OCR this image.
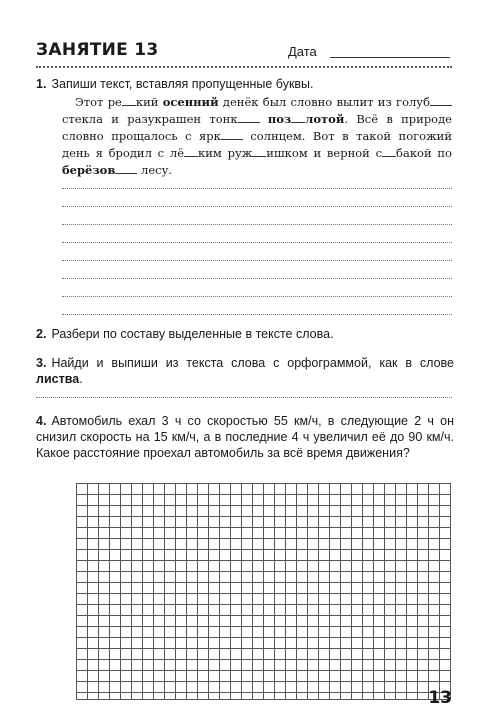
ЗАНЯТИЕ 13	Дата
1. Запиши текст, вставляя пропущенные буквы.
Этот ре кий осенний денёк был словно вылит из голуб стекла и разукрашен тонк	поз лотой. Всё в природе словно прощалось с ярк	солнцем. Вот в такой погожий день я бродил с лё ким руж ишком и верной с бакой по берёзов лесу.
2. Разбери по составу выделенные в тексте слова.
3. Найди и выпиши из текста слова с орфограммой, как в слове листва.
4. Автомобиль ехал 3 ч со скоростью 55 км/ч, в следующие 2 ч он снизил скорость на 15 км/ч, а в последние 4 ч увеличил её до 90 км/ч. Какое расстояние проехал автомобиль за всё время движения?
13
